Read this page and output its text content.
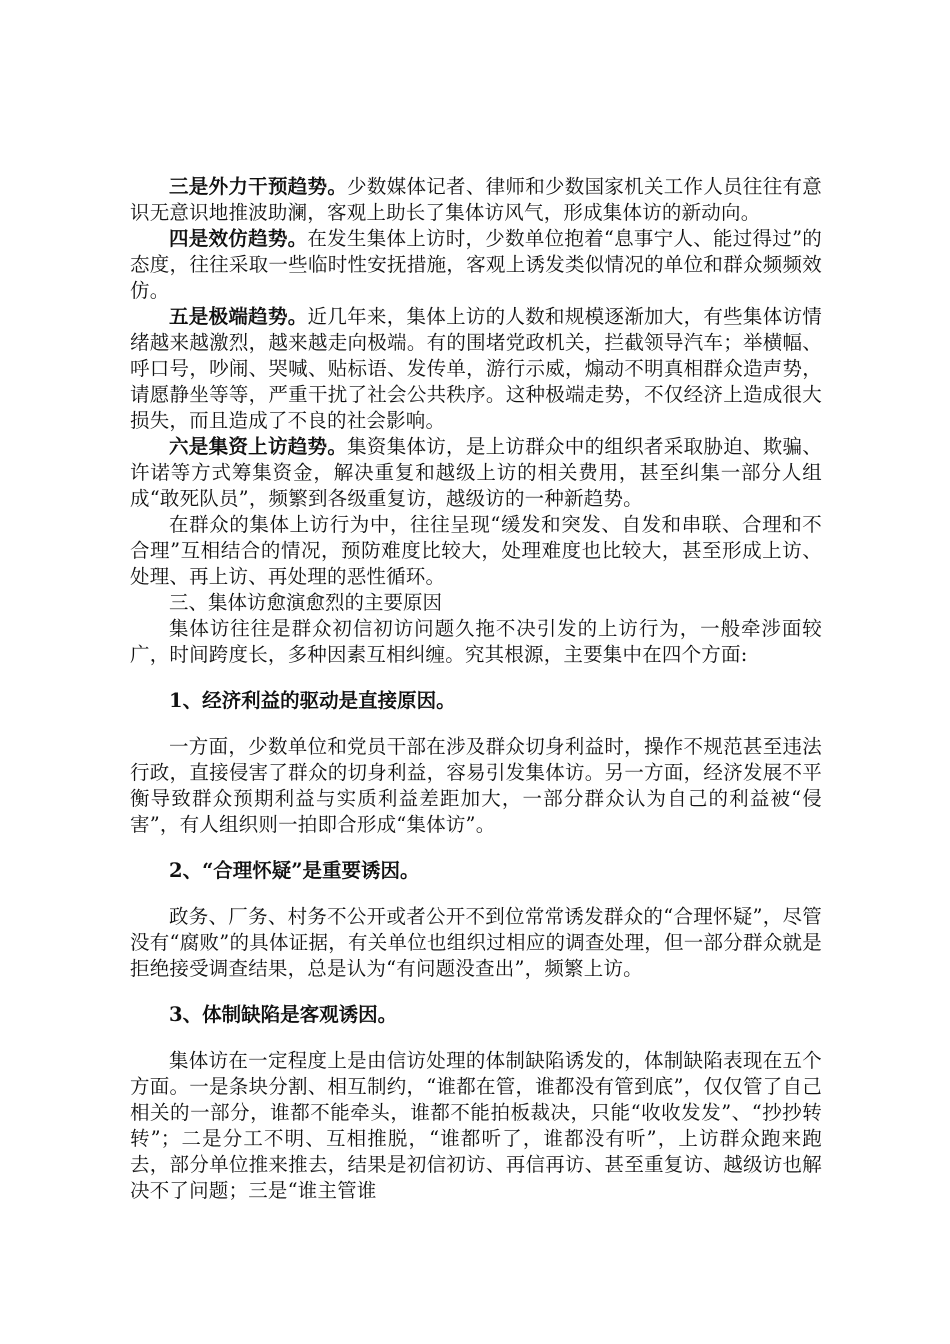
三是外力干预趋势。少数媒体记者、律师和少数国家机关工作人员往往有意识无意识地推波助澜，客观上助长了集体访风气，形成集体访的新动向。

四是效仿趋势。在发生集体上访时，少数单位抱着“息事宁人、能过得过”的态度，往往采取一些临时性安抚措施，客观上诱发类似情况的单位和群众频频效仿。

五是极端趋势。近几年来，集体上访的人数和规模逐渐加大，有些集体访情绪越来越激烈，越来越走向极端。有的围堵党政机关，拦截领导汽车；举横幅、呼口号，吵闹、哭喊、贴标语、发传单，游行示威，煽动不明真相群众造声势，请愿静坐等等，严重干扰了社会公共秩序。这种极端走势，不仅经济上造成很大损失，而且造成了不良的社会影响。

六是集资上访趋势。集资集体访，是上访群众中的组织者采取胁迫、欺骗、许诺等方式筹集资金，解决重复和越级上访的相关费用，甚至纠集一部分人组成“敢死队员”，频繁到各级重复访，越级访的一种新趋势。

在群众的集体上访行为中，往往呈现“缓发和突发、自发和串联、合理和不合理”互相结合的情况，预防难度比较大，处理难度也比较大，甚至形成上访、处理、再上访、再处理的恶性循环。

三、集体访愈演愈烈的主要原因

集体访往往是群众初信初访问题久拖不决引发的上访行为，一般牵涉面较广，时间跨度长，多种因素互相纠缠。究其根源，主要集中在四个方面:

1、经济利益的驱动是直接原因。

一方面，少数单位和党员干部在涉及群众切身利益时，操作不规范甚至违法行政，直接侵害了群众的切身利益，容易引发集体访。另一方面，经济发展不平衡导致群众预期利益与实质利益差距加大，一部分群众认为自己的利益被“侵害”，有人组织则一拍即合形成“集体访”。

2、“合理怀疑”是重要诱因。

政务、厂务、村务不公开或者公开不到位常常诱发群众的“合理怀疑”，尽管没有“腐败”的具体证据，有关单位也组织过相应的调查处理，但一部分群众就是拒绝接受调查结果，总是认为“有问题没查出”，频繁上访。

3、体制缺陷是客观诱因。

集体访在一定程度上是由信访处理的体制缺陷诱发的，体制缺陷表现在五个方面。一是条块分割、相互制约，“谁都在管，谁都没有管到底”，仅仅管了自己相关的一部分，谁都不能牵头，谁都不能拍板裁决，只能“收收发发”、“抄抄转转”；二是分工不明、互相推脱，“谁都听了，谁都没有听”，上访群众跑来跑去，部分单位推来推去，结果是初信初访、再信再访、甚至重复访、越级访也解决不了问题；三是“谁主管谁
